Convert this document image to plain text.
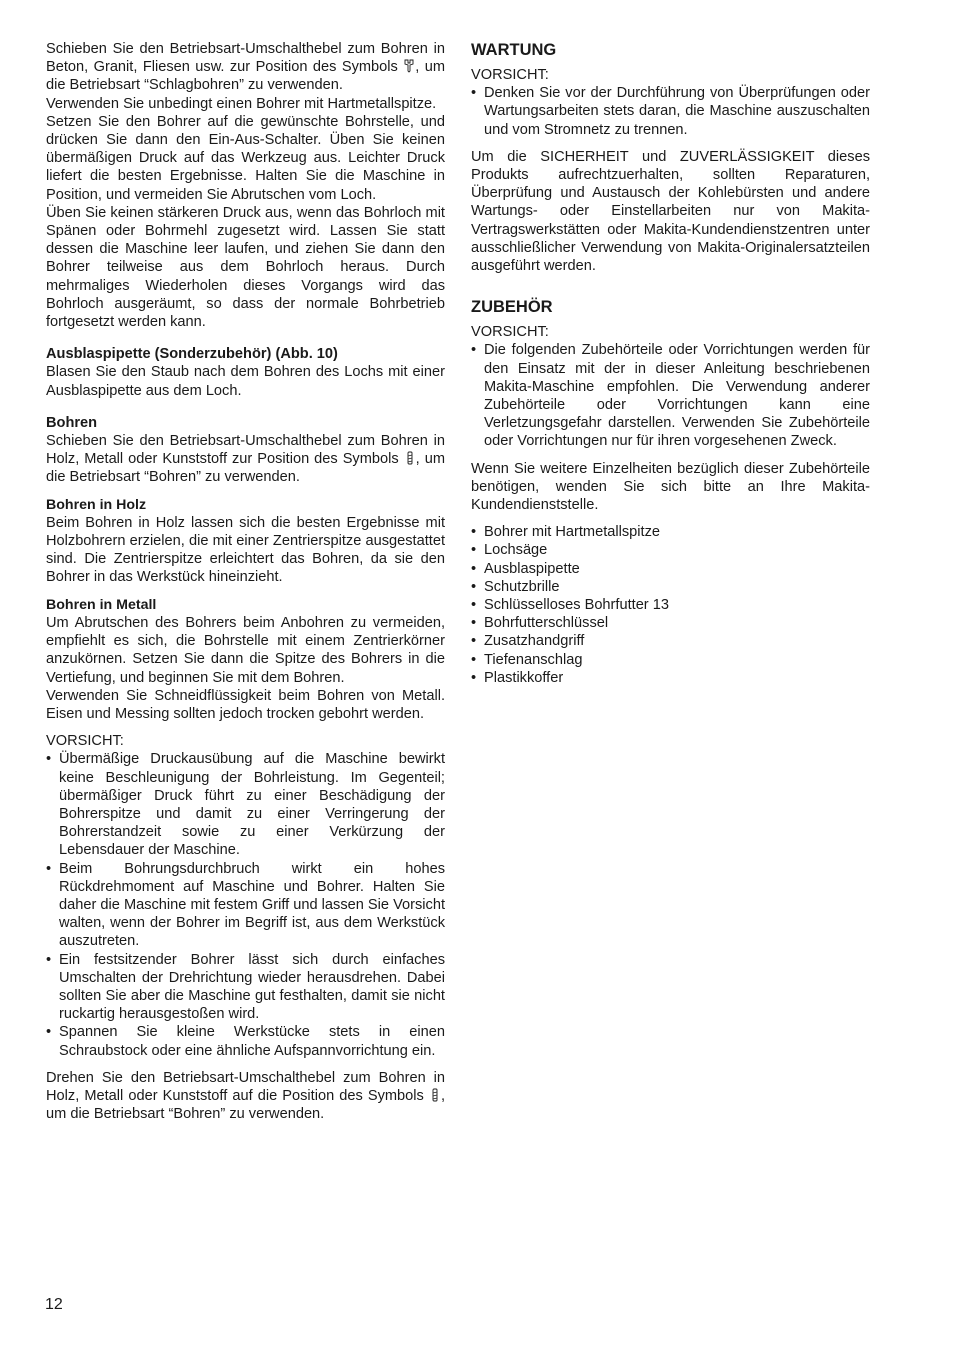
Schieben Sie den Betriebsart-Umschalthebel zum Bohren in Beton, Granit, Fliesen usw. zur Position des Symbols , um die Betriebsart “Schlagbohren” zu verwenden.

Verwenden Sie unbedingt einen Bohrer mit Hartmetallspitze.

Setzen Sie den Bohrer auf die gewünschte Bohrstelle, und drücken Sie dann den Ein-Aus-Schalter. Üben Sie keinen übermäßigen Druck auf das Werkzeug aus. Leichter Druck liefert die besten Ergebnisse. Halten Sie die Maschine in Position, und vermeiden Sie Abrutschen vom Loch.

Üben Sie keinen stärkeren Druck aus, wenn das Bohrloch mit Spänen oder Bohrmehl zugesetzt wird. Lassen Sie statt dessen die Maschine leer laufen, und ziehen Sie dann den Bohrer teilweise aus dem Bohrloch heraus. Durch mehrmaliges Wiederholen dieses Vorgangs wird das Bohrloch ausgeräumt, so dass der normale Bohrbetrieb fortgesetzt werden kann.

Ausblaspipette (Sonderzubehör) (Abb. 10)

Blasen Sie den Staub nach dem Bohren des Lochs mit einer Ausblaspipette aus dem Loch.

Bohren

Schieben Sie den Betriebsart-Umschalthebel zum Bohren in Holz, Metall oder Kunststoff zur Position des Symbols , um die Betriebsart “Bohren” zu verwenden.

Bohren in Holz

Beim Bohren in Holz lassen sich die besten Ergebnisse mit Holzbohrern erzielen, die mit einer Zentrierspitze ausgestattet sind. Die Zentrierspitze erleichtert das Bohren, da sie den Bohrer in das Werkstück hineinzieht.

Bohren in Metall

Um Abrutschen des Bohrers beim Anbohren zu vermeiden, empfiehlt es sich, die Bohrstelle mit einem Zentrierkörner anzukörnen. Setzen Sie dann die Spitze des Bohrers in die Vertiefung, und beginnen Sie mit dem Bohren.

Verwenden Sie Schneidflüssigkeit beim Bohren von Metall. Eisen und Messing sollten jedoch trocken gebohrt werden.

VORSICHT:

• Übermäßige Druckausübung auf die Maschine bewirkt keine Beschleunigung der Bohrleistung. Im Gegenteil; übermäßiger Druck führt zu einer Beschädigung der Bohrerspitze und damit zu einer Verringerung der Bohrerstandzeit sowie zu einer Verkürzung der Lebensdauer der Maschine.
• Beim Bohrungsdurchbruch wirkt ein hohes Rückdrehmoment auf Maschine und Bohrer. Halten Sie daher die Maschine mit festem Griff und lassen Sie Vorsicht walten, wenn der Bohrer im Begriff ist, aus dem Werkstück auszutreten.
• Ein festsitzender Bohrer lässt sich durch einfaches Umschalten der Drehrichtung wieder herausdrehen. Dabei sollten Sie aber die Maschine gut festhalten, damit sie nicht ruckartig herausgestoßen wird.
• Spannen Sie kleine Werkstücke stets in einen Schraubstock oder eine ähnliche Aufspannvorrichtung ein.

Drehen Sie den Betriebsart-Umschalthebel zum Bohren in Holz, Metall oder Kunststoff auf die Position des Symbols , um die Betriebsart “Bohren” zu verwenden.

WARTUNG

VORSICHT:

• Denken Sie vor der Durchführung von Überprüfungen oder Wartungsarbeiten stets daran, die Maschine auszuschalten und vom Stromnetz zu trennen.

Um die SICHERHEIT und ZUVERLÄSSIGKEIT dieses Produkts aufrechtzuerhalten, sollten Reparaturen, Überprüfung und Austausch der Kohlebürsten und andere Wartungs- oder Einstellarbeiten nur von Makita-Vertragswerkstätten oder Makita-Kundendienstzentren unter ausschließlicher Verwendung von Makita-Originalersatzteilen ausgeführt werden.

ZUBEHÖR

VORSICHT:

• Die folgenden Zubehörteile oder Vorrichtungen werden für den Einsatz mit der in dieser Anleitung beschriebenen Makita-Maschine empfohlen. Die Verwendung anderer Zubehörteile oder Vorrichtungen kann eine Verletzungsgefahr darstellen. Verwenden Sie Zubehörteile oder Vorrichtungen nur für ihren vorgesehenen Zweck.

Wenn Sie weitere Einzelheiten bezüglich dieser Zubehörteile benötigen, wenden Sie sich bitte an Ihre Makita-Kundendienststelle.

• Bohrer mit Hartmetallspitze
• Lochsäge
• Ausblaspipette
• Schutzbrille
• Schlüsselloses Bohrfutter 13
• Bohrfutterschlüssel
• Zusatzhandgriff
• Tiefenanschlag
• Plastikkoffer
12
